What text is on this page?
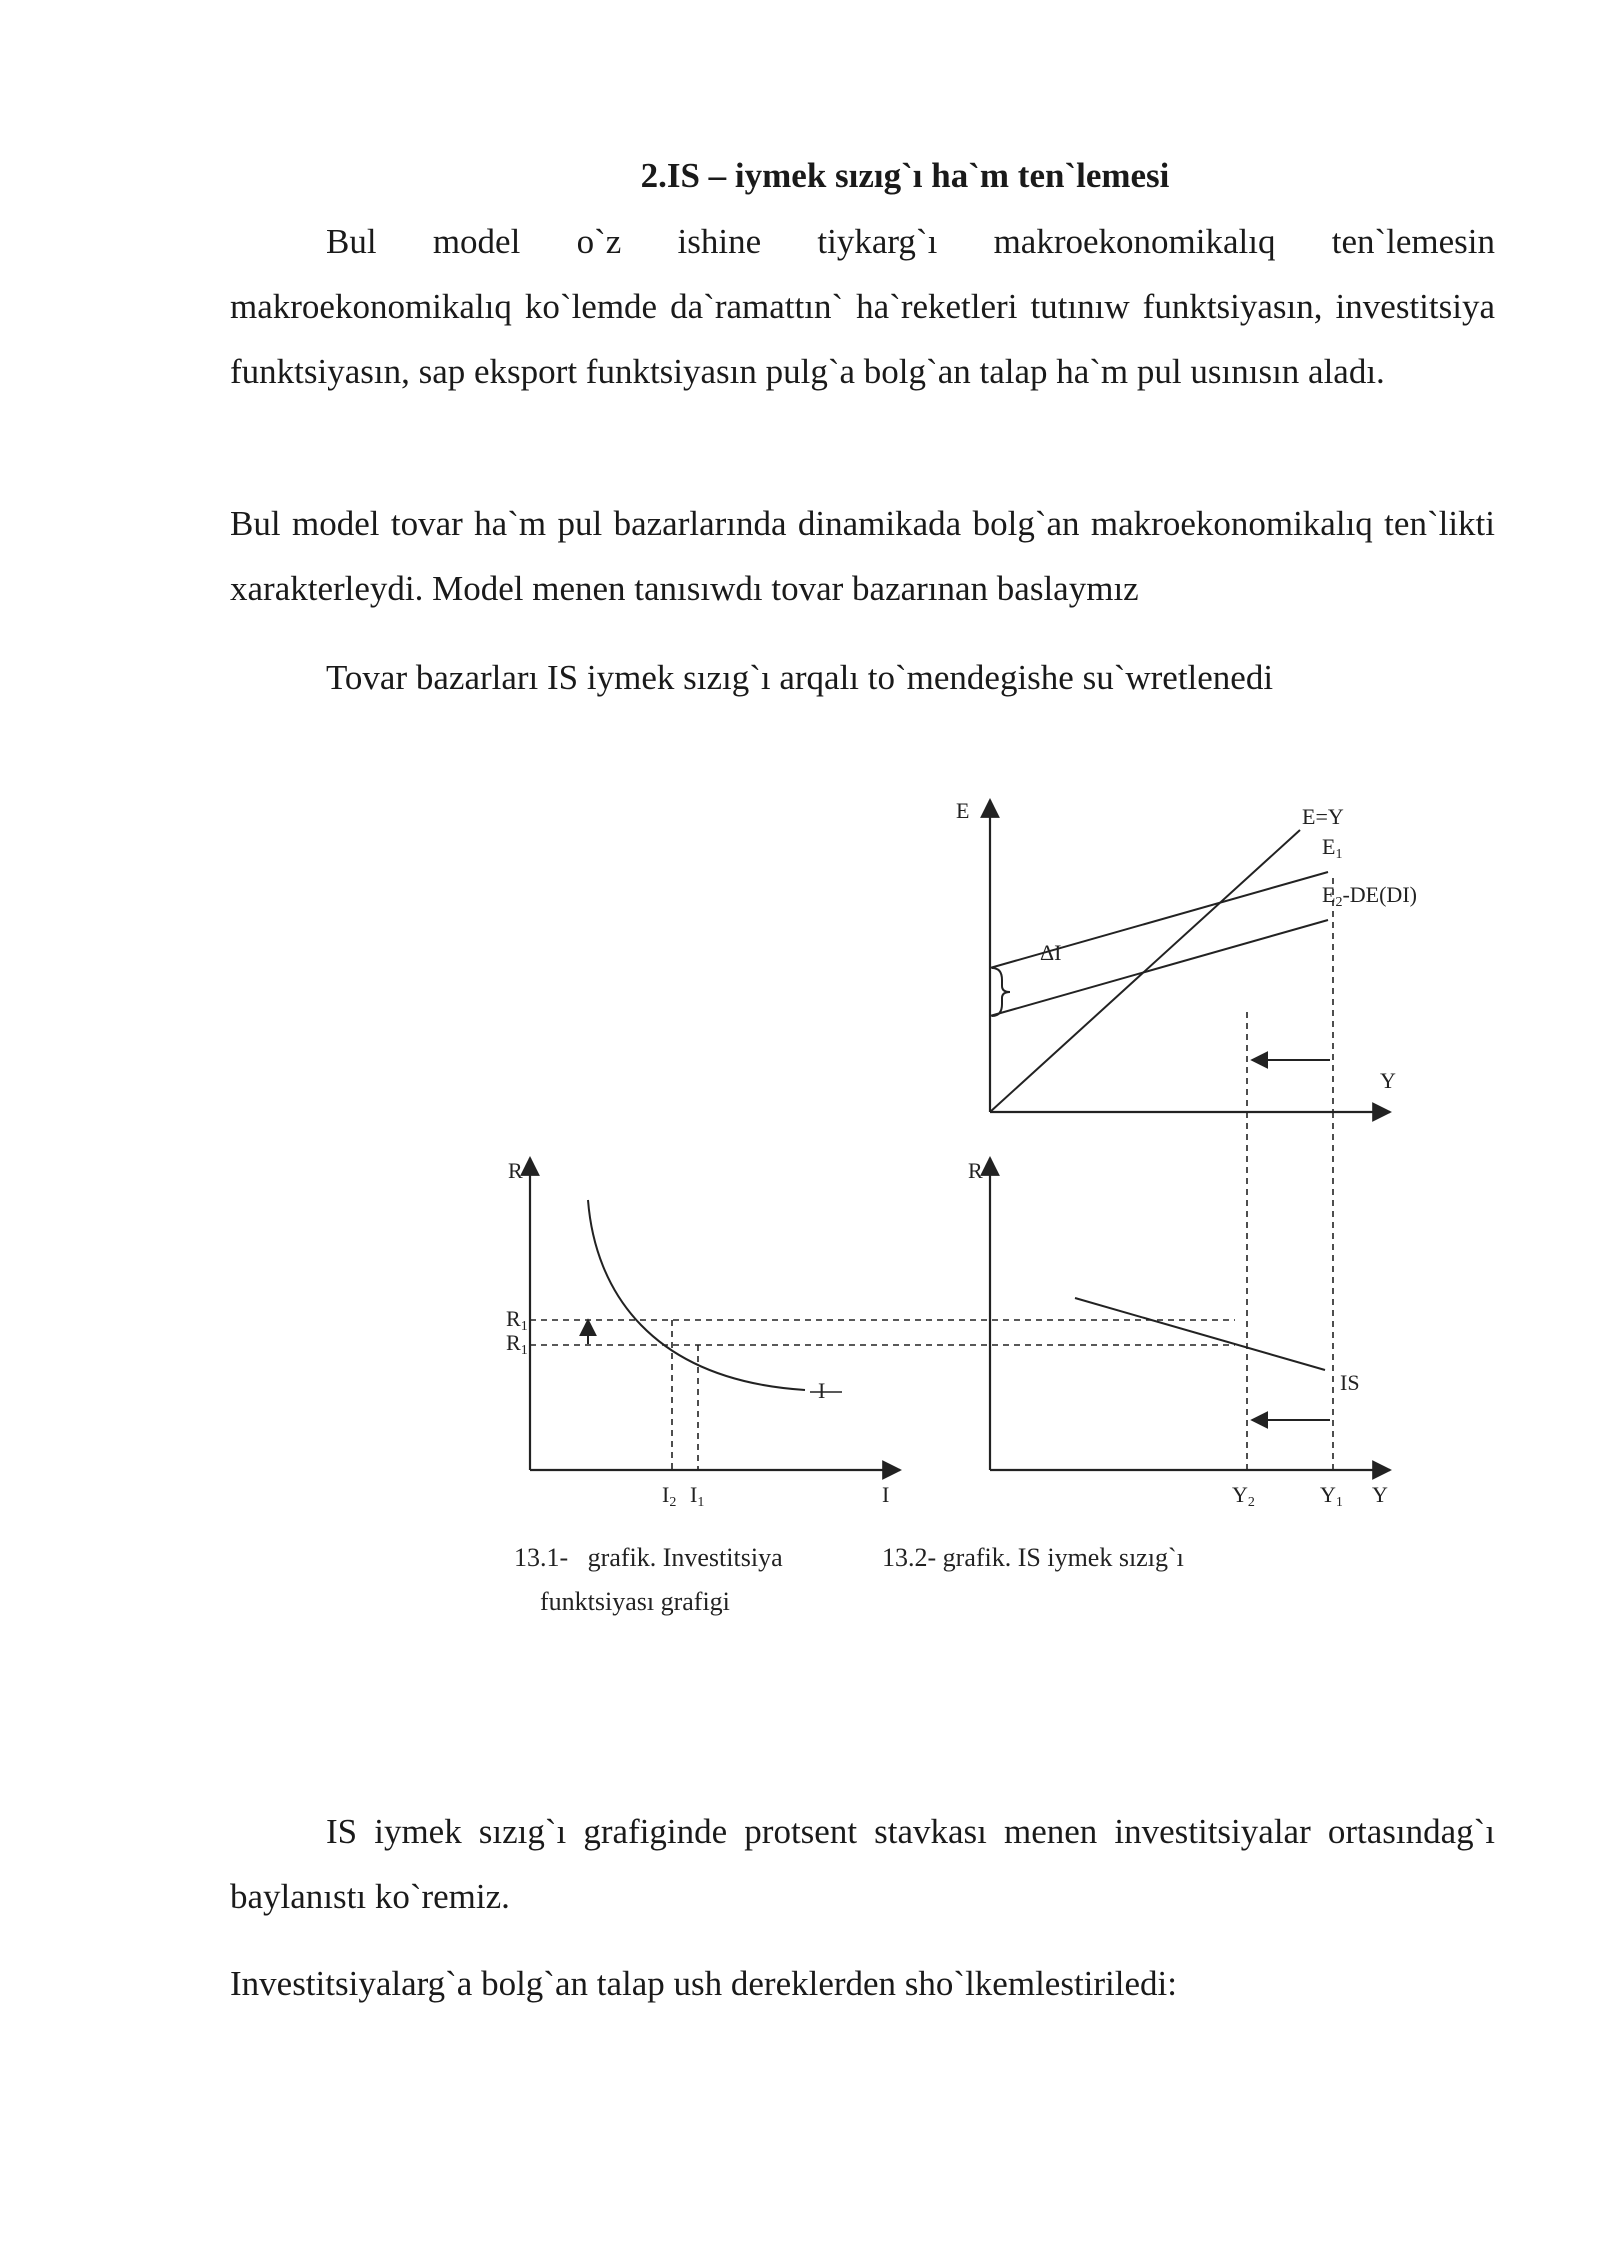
2.IS – iymek sızıg`ı ha`m ten`lemesi

Bul model o`z ishine tiykarg`ı makroekonomikalıq ten`lemesin makroekonomikalıq ko`lemde da`ramattın` ha`reketleri tutınıw funktsiyasın, investitsiya funktsiyasın, sap eksport funktsiyasın pulg`a bolg`an talap ha`m pul usınısın aladı.

Bul model tovar ha`m pul bazarlarında dinamikada bolg`an makroekonomikalıq ten`likti xarakterleydi. Model menen tanısıwdı tovar bazarınan baslaymız

Tovar bazarları IS iymek sızıg`ı arqalı to`mendegishe su`wretlenedi

E
Y
E=Y
E1
E2-DE(DI)
ΔI
R
I
I
R1
R1
I2 I1
R
Y
IS
Y2	Y1
13.1-   grafik. Investitsiya
funktsiyası grafigi
13.2- grafik. IS iymek sızıg`ı

IS iymek sızıg`ı grafiginde protsent stavkası menen investitsiyalar ortasındag`ı baylanıstı ko`remiz.

Investitsiyalarg`a bolg`an talap ush dereklerden sho`lkemlestiriledi:
